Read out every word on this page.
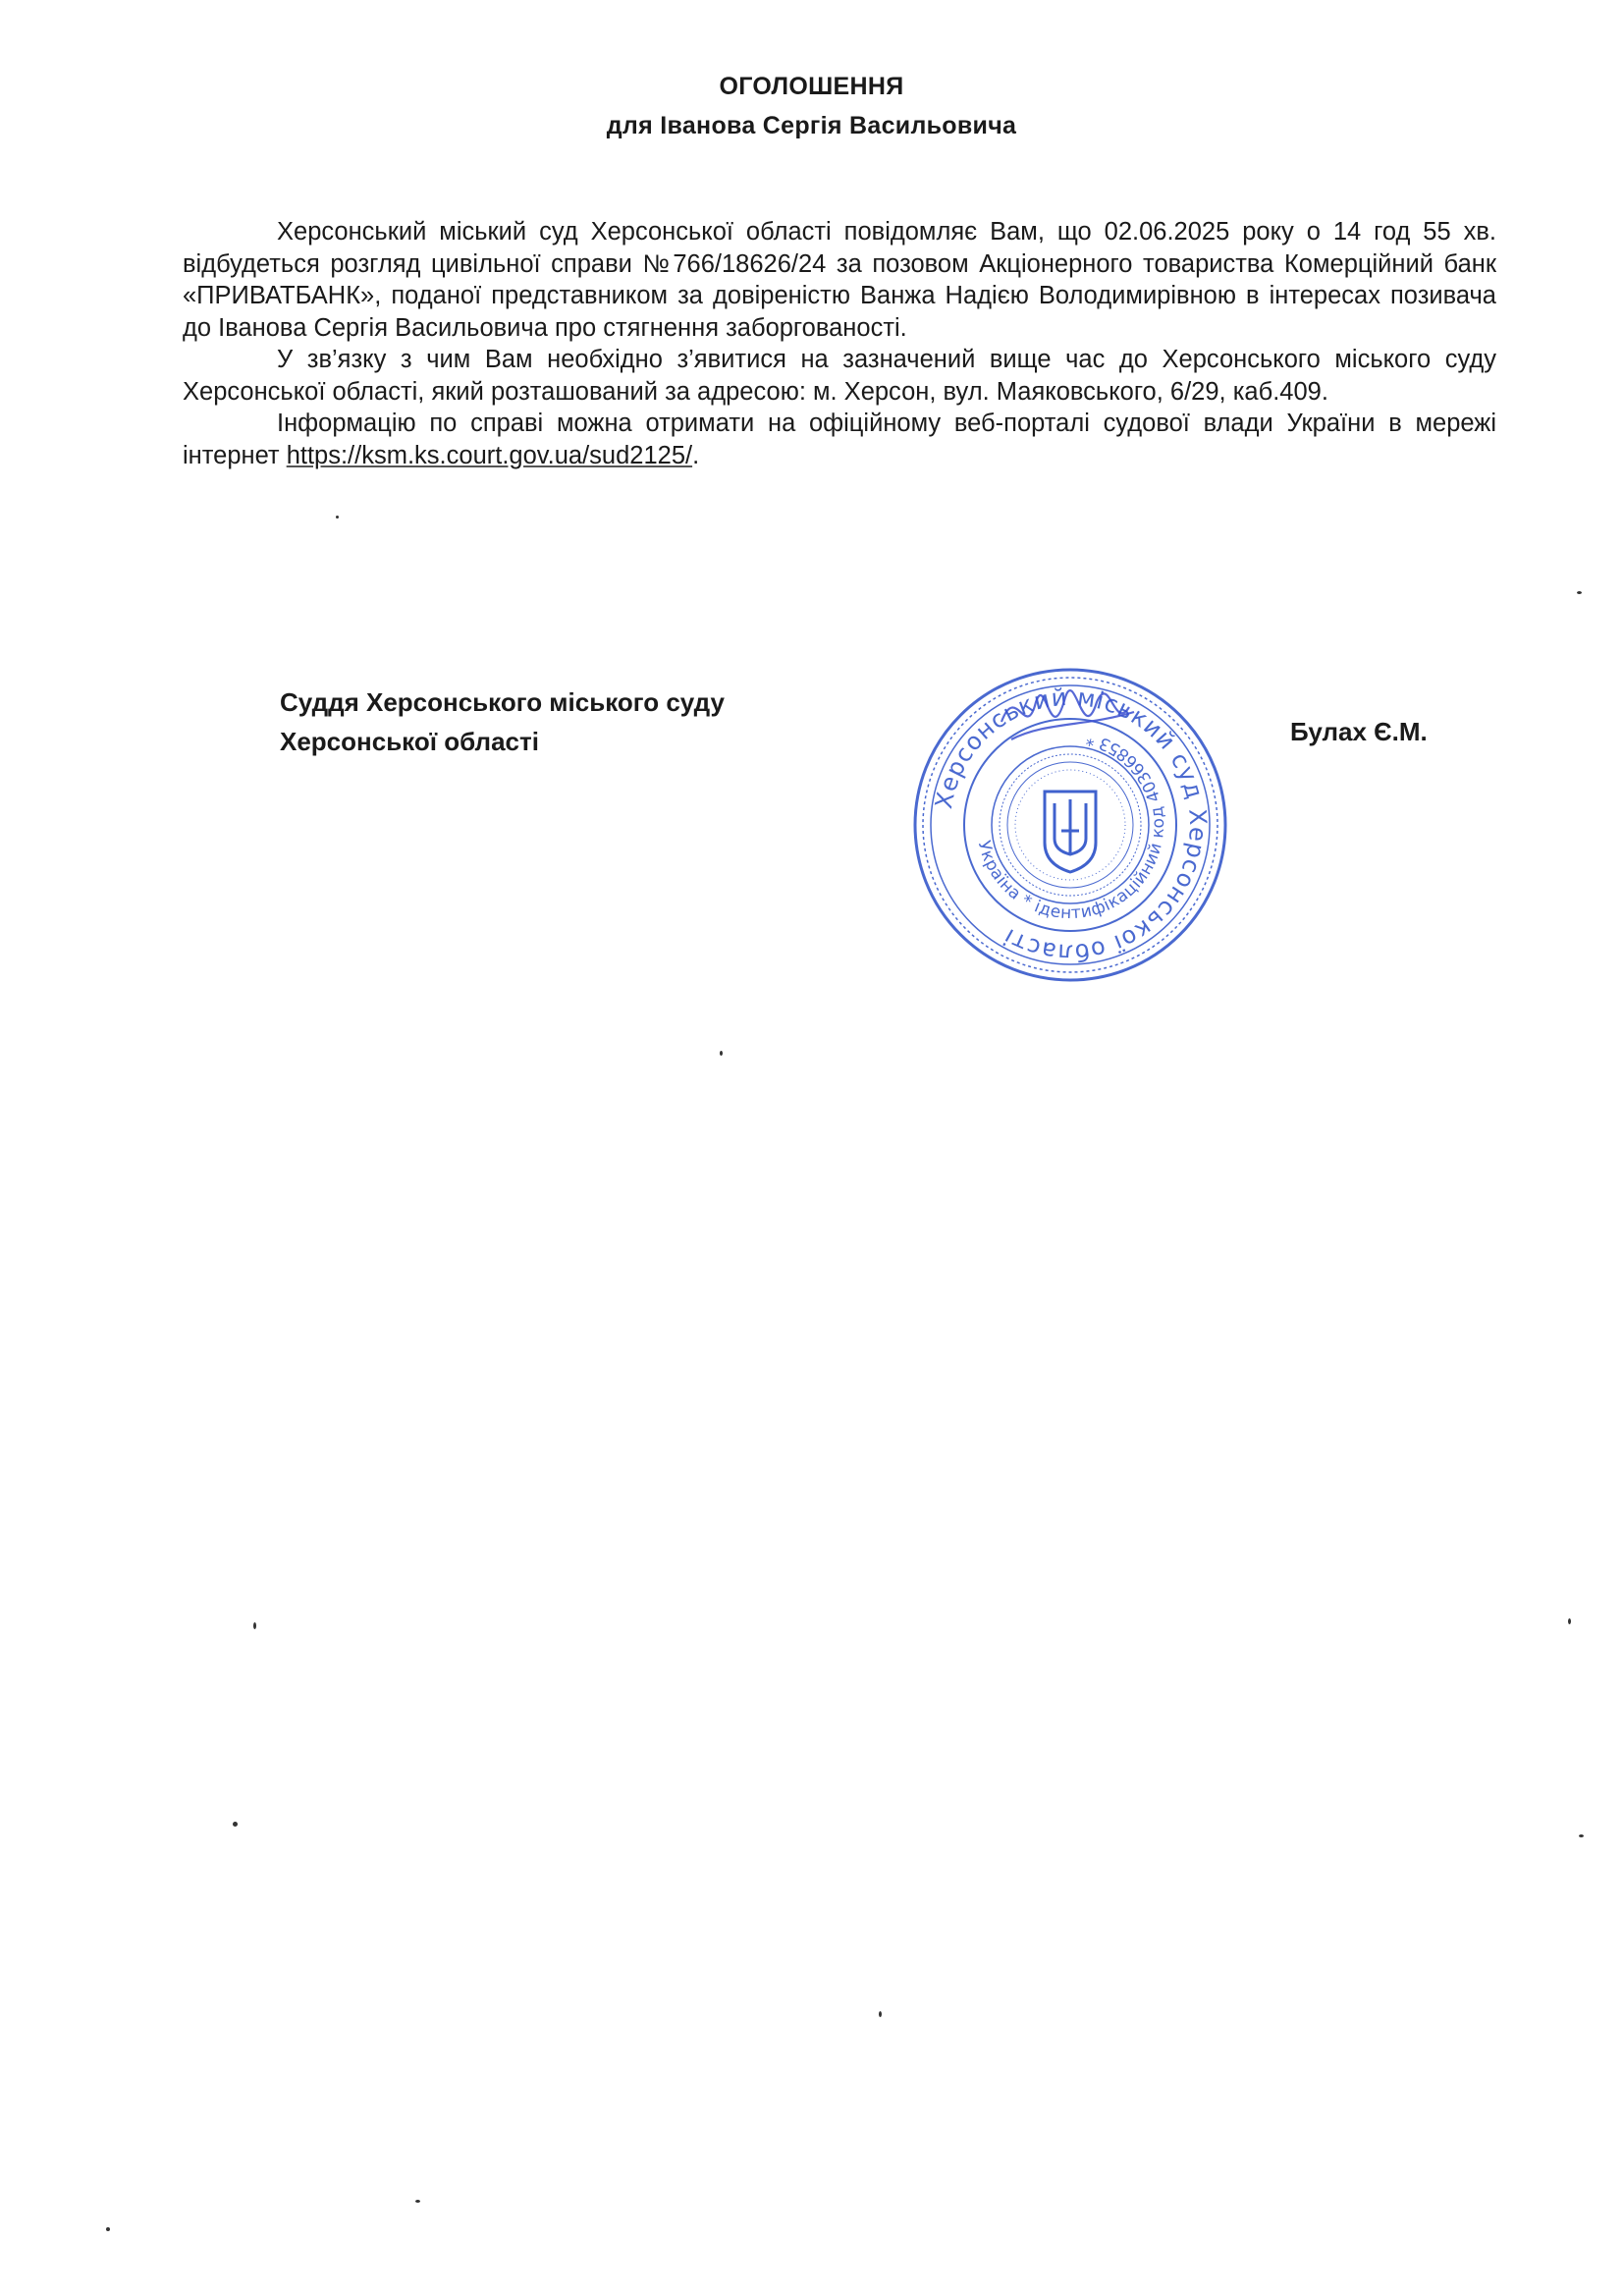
ОГОЛОШЕННЯ
для Іванова Сергія Васильовича

Херсонський міський суд Херсонської області повідомляє Вам, що 02.06.2025 року о 14 год 55 хв. відбудеться розгляд цивільної справи №766/18626/24 за позовом Акціонерного товариства Комерційний банк «ПРИВАТБАНК», поданої представником за довіреністю Ванжа Надією Володимирівною в інтересах позивача до Іванова Сергія Васильовича про стягнення заборгованості.

У зв’язку з чим Вам необхідно з’явитися на зазначений вище час до Херсонського міського суду Херсонської області, який розташований за адресою: м. Херсон, вул. Маяковського, 6/29, каб.409.

Інформацію по справі можна отримати на офіційному веб-порталі судової влади України в мережі інтернет https://ksm.ks.court.gov.ua/sud2125/.

Суддя Херсонського міського суду
Херсонської області	Булах Є.М.
Херсонський міський суд Херсонської області
Україна * ідентифікаційний код 40366853 *
